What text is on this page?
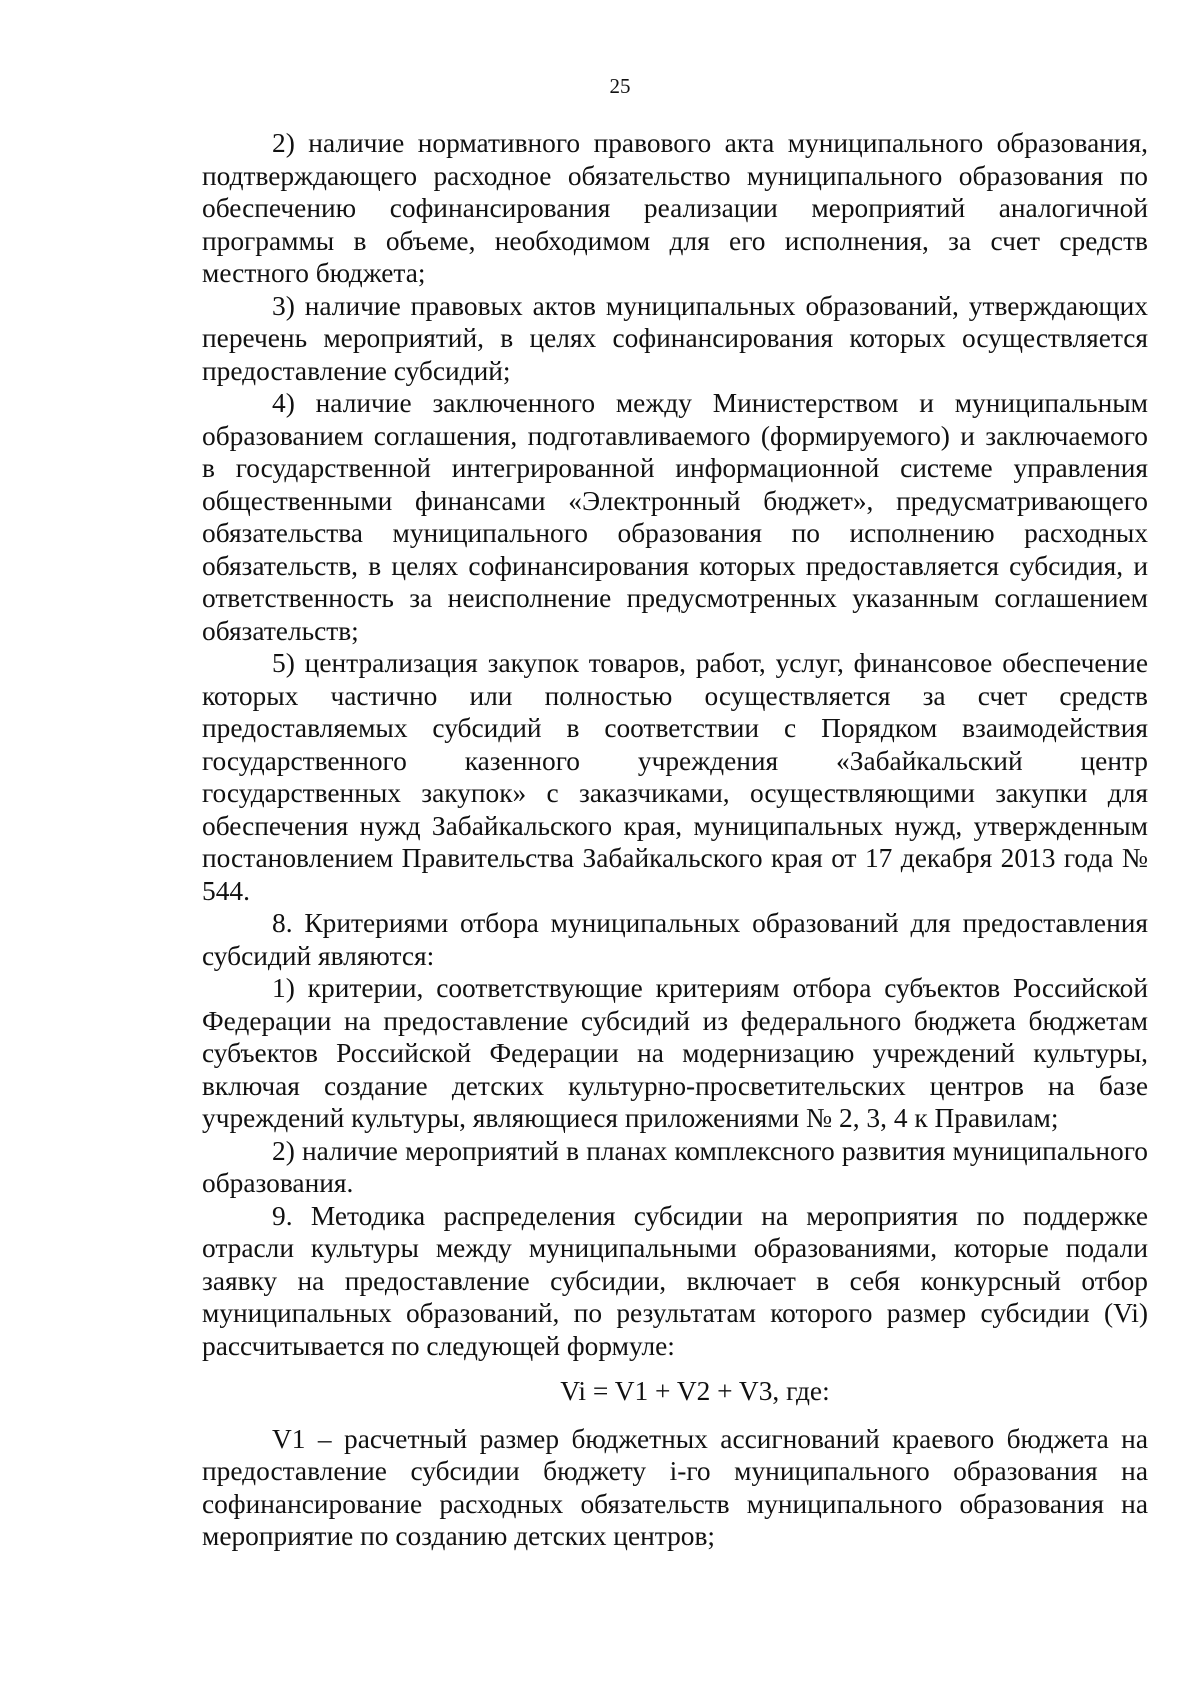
25

2) наличие нормативного правового акта муниципального образования, подтверждающего расходное обязательство муниципального образования по обеспечению софинансирования реализации мероприятий аналогичной программы в объеме, необходимом для его исполнения, за счет средств местного бюджета;

3) наличие правовых актов муниципальных образований, утверждающих перечень мероприятий, в целях софинансирования которых осуществляется предоставление субсидий;

4) наличие заключенного между Министерством и муниципальным образованием соглашения, подготавливаемого (формируемого) и заключаемого в государственной интегрированной информационной системе управления общественными финансами «Электронный бюджет», предусматривающего обязательства муниципального образования по исполнению расходных обязательств, в целях софинансирования которых предоставляется субсидия, и ответственность за неисполнение предусмотренных указанным соглашением обязательств;

5) централизация закупок товаров, работ, услуг, финансовое обеспечение которых частично или полностью осуществляется за счет средств предоставляемых субсидий в соответствии с Порядком взаимодействия государственного казенного учреждения «Забайкальский центр государственных закупок» с заказчиками, осуществляющими закупки для обеспечения нужд Забайкальского края, муниципальных нужд, утвержденным постановлением Правительства Забайкальского края от 17 декабря 2013 года № 544.

8. Критериями отбора муниципальных образований для предоставления субсидий являются:

1) критерии, соответствующие критериям отбора субъектов Российской Федерации на предоставление субсидий из федерального бюджета бюджетам субъектов Российской Федерации на модернизацию учреждений культуры, включая создание детских культурно-просветительских центров на базе учреждений культуры, являющиеся приложениями № 2, 3, 4 к Правилам;

2) наличие мероприятий в планах комплексного развития муниципального образования.

9. Методика распределения субсидии на мероприятия по поддержке отрасли культуры между муниципальными образованиями, которые подали заявку на предоставление субсидии, включает в себя конкурсный отбор муниципальных образований, по результатам которого размер субсидии (Vi) рассчитывается по следующей формуле:

Vi = V1 + V2 + V3, где:

V1 – расчетный размер бюджетных ассигнований краевого бюджета на предоставление субсидии бюджету i-го муниципального образования на софинансирование расходных обязательств муниципального образования на мероприятие по созданию детских центров;
